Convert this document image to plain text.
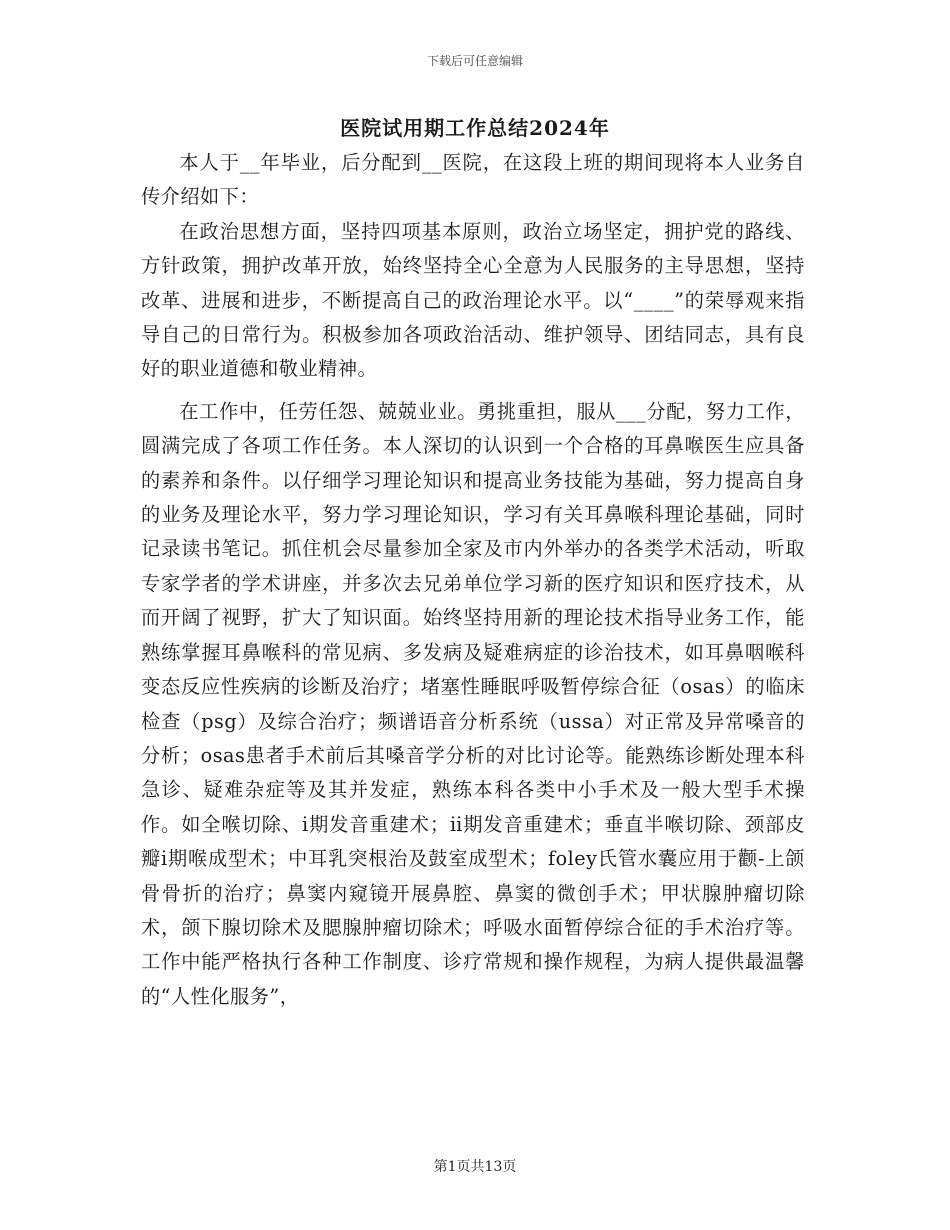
下载后可任意编辑
医院试用期工作总结2024年

本人于__年毕业，后分配到__医院，在这段上班的期间现将本人业务自传介绍如下：

在政治思想方面，坚持四项基本原则，政治立场坚定，拥护党的路线、方针政策，拥护改革开放，始终坚持全心全意为人民服务的主导思想，坚持改革、进展和进步，不断提高自己的政治理论水平。以“____”的荣辱观来指导自己的日常行为。积极参加各项政治活动、维护领导、团结同志，具有良好的职业道德和敬业精神。

在工作中，任劳任怨、兢兢业业。勇挑重担，服从___分配，努力工作，圆满完成了各项工作任务。本人深切的认识到一个合格的耳鼻喉医生应具备的素养和条件。以仔细学习理论知识和提高业务技能为基础，努力提高自身的业务及理论水平，努力学习理论知识，学习有关耳鼻喉科理论基础，同时记录读书笔记。抓住机会尽量参加全家及市内外举办的各类学术活动，听取专家学者的学术讲座，并多次去兄弟单位学习新的医疗知识和医疗技术，从而开阔了视野，扩大了知识面。始终坚持用新的理论技术指导业务工作，能熟练掌握耳鼻喉科的常见病、多发病及疑难病症的诊治技术，如耳鼻咽喉科变态反应性疾病的诊断及治疗；堵塞性睡眠呼吸暂停综合征（osas）的临床检查（psg）及综合治疗；频谱语音分析系统（ussa）对正常及异常嗓音的分析；osas患者手术前后其嗓音学分析的对比讨论等。能熟练诊断处理本科急诊、疑难杂症等及其并发症，熟练本科各类中小手术及一般大型手术操作。如全喉切除、ⅰ期发音重建术；ⅱ期发音重建术；垂直半喉切除、颈部皮瓣ⅰ期喉成型术；中耳乳突根治及鼓室成型术；foley氏管水囊应用于颧-上颌骨骨折的治疗；鼻窦内窥镜开展鼻腔、鼻窦的微创手术；甲状腺肿瘤切除术，颌下腺切除术及腮腺肿瘤切除术；呼吸水面暂停综合征的手术治疗等。工作中能严格执行各种工作制度、诊疗常规和操作规程，为病人提供最温馨的“人性化服务”，

第1页共13页
